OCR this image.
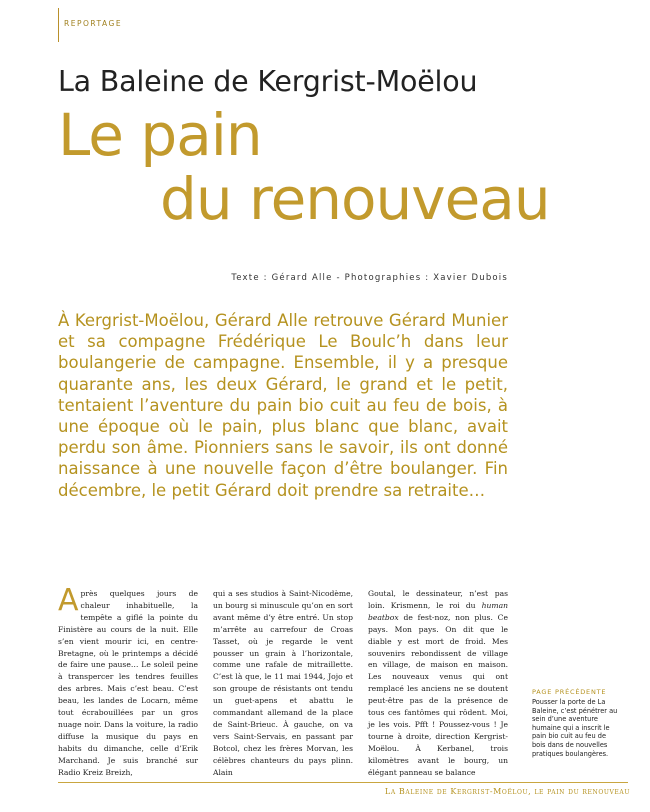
REPORTAGE
La Baleine de Kergrist-Moëlou
Le pain
du renouveau
Texte : Gérard Alle - Photographies : Xavier Dubois
À Kergrist-Moëlou, Gérard Alle retrouve Gérard Munier et sa compagne Frédérique Le Boulc’h dans leur boulangerie de campagne. Ensemble, il y a presque quarante ans, les deux Gérard, le grand et le petit, tentaient l’aventure du pain bio cuit au feu de bois, à une époque où le pain, plus blanc que blanc, avait perdu son âme. Pionniers sans le savoir, ils ont donné naissance à une nouvelle façon d’être boulanger. Fin décembre, le petit Gérard doit prendre sa retraite…
Après quelques jours de chaleur inhabituelle, la tempête a giflé la pointe du Finistère au cours de la nuit. Elle s’en vient mourir ici, en centre-Bretagne, où le printemps a décidé de faire une pause… Le soleil peine à transpercer les tendres feuilles des arbres. Mais c’est beau. C’est beau, les landes de Locarn, même tout écrabouillées par un gros nuage noir. Dans la voiture, la radio diffuse la musique du pays en habits du dimanche, celle d’Erik Marchand. Je suis branché sur Radio Kreiz Breizh,
qui a ses studios à Saint-Nicodème, un bourg si minuscule qu’on en sort avant même d’y être entré. Un stop m’arrête au carrefour de Croas Tasset, où je regarde le vent pousser un grain à l’horizontale, comme une rafale de mitraillette. C’est là que, le 11 mai 1944, Jojo et son groupe de résistants ont tendu un guet-apens et abattu le commandant allemand de la place de Saint-Brieuc. À gauche, on va vers Saint-Servais, en passant par Botcol, chez les frères Morvan, les célèbres chanteurs du pays plinn. Alain
Goutal, le dessinateur, n’est pas loin. Krismenn, le roi du human beatbox de fest-noz, non plus. Ce pays. Mon pays. On dit que le diable y est mort de froid. Mes souvenirs rebondissent de village en village, de maison en maison. Les nouveaux venus qui ont remplacé les anciens ne se doutent peut-être pas de la présence de tous ces fantômes qui rôdent. Moi, je les vois. Pfft ! Poussez-vous ! Je tourne à droite, direction Kergrist-Moëlou. À Kerbanel, trois kilomètres avant le bourg, un élégant panneau se balance
PAGE PRÉCÉDENTE
Pousser la porte de La Baleine, c’est pénétrer au sein d’une aventure humaine qui a inscrit le pain bio cuit au feu de bois dans de nouvelles pratiques boulangères.
La Baleine de Kergrist-Moëlou, le pain du renouveau
